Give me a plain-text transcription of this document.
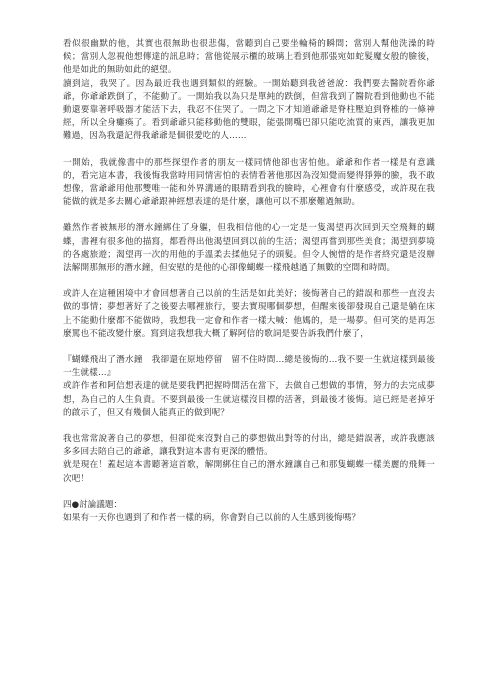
看似很幽默的他，其實也很無助也很悲傷，當聽到自己要坐輪椅的瞬間；當別人幫他洗澡的時候；當別人忽視他想傳達的訊息時；當他從展示櫃的玻璃上看到他那張宛如蛇髮魔女般的臉後，他是如此的無助如此的絕望。

讀到這，我哭了。因為最近我也遇到類似的經驗。一開始聽到我爸爸說：我們要去醫院看你爺爺，你爺爺跌倒了，不能動了。一開始我以為只是單純的跌倒，但當我到了醫院看到他動也不能動還要靠著呼吸器才能活下去，我忍不住哭了。一問之下才知道爺爺是脊柱壓迫到脊椎的一條神經，所以全身癱瘓了。看到爺爺只能移動他的雙眼，能張開嘴巴卻只能吃流質的東西，讓我更加難過，因為我還記得我爺爺是個很愛吃的人……

一開始，我就像書中的那些探望作者的朋友一樣同情他卻也害怕他。爺爺和作者一樣是有意識的，看完這本書，我後悔我當時用同情害怕的表情看著他那因為沒知覺而變得猙獰的臉，我不敢想像，當爺爺用他那雙唯一能和外界溝通的眼睛看到我的臉時，心裡會有什麼感受，或許現在我能做的就是多去關心爺爺跟神經想表達的是什麼，讓他可以不那麼難過無助。

雖然作者被無形的潛水鐘綁住了身軀，但我相信他的心一定是一隻渴望再次回到天空飛舞的蝴蝶，書裡有很多他的描寫，都看得出他渴望回到以前的生活；渴望再嘗到那些美食；渴望到夢境的各處旅遊；渴望再一次的用他的手溫柔去揉他兒子的頭髮。但令人惋惜的是作者終究還是沒辦法解開那無形的潛水鐘，但安慰的是他的心卻像蝴蝶一樣飛越過了無數的空間和時間。

或許人在這種困境中才會回想著自己以前的生活是如此美好；後悔著自己的錯誤和那些一直沒去做的事情；夢想著好了之後要去哪裡旅行，要去實現哪個夢想，但醒來後卻發現自己還是躺在床上不能動什麼都不能做時，我想我一定會和作者一樣大喊：他媽的，是一場夢。但可笑的是再怎麼罵也不能改變什麼。寫到這我想我大概了解阿信的歌詞是要告訴我們什麼了，

『蝴蝶飛出了潛水鐘　我卻還在原地停留　留不住時間…總是後悔的…我不要一生就這樣到最後一生就樣…』
或許作者和阿信想表達的就是要我們把握時間活在當下，去做自己想做的事情，努力的去完成夢想，為自己的人生負責。不要到最後一生就這樣沒目標的活著，到最後才後悔。這已經是老掉牙的啟示了，但又有幾個人能真正的做到呢？

我也常常說著自己的夢想，但卻從來沒對自己的夢想做出對等的付出，總是錯誤著，或許我應該多多回去陪自己的爺爺，讓我對這本書有更深的體悟。
就是現在！蓋起這本書聽著這首歌，解開綁住自己的潛水鐘讓自己和那隻蝴蝶一樣美麗的飛舞一次吧！

四●討論議題：

如果有一天你也遇到了和作者一樣的病，你會對自己以前的人生感到後悔嗎？
